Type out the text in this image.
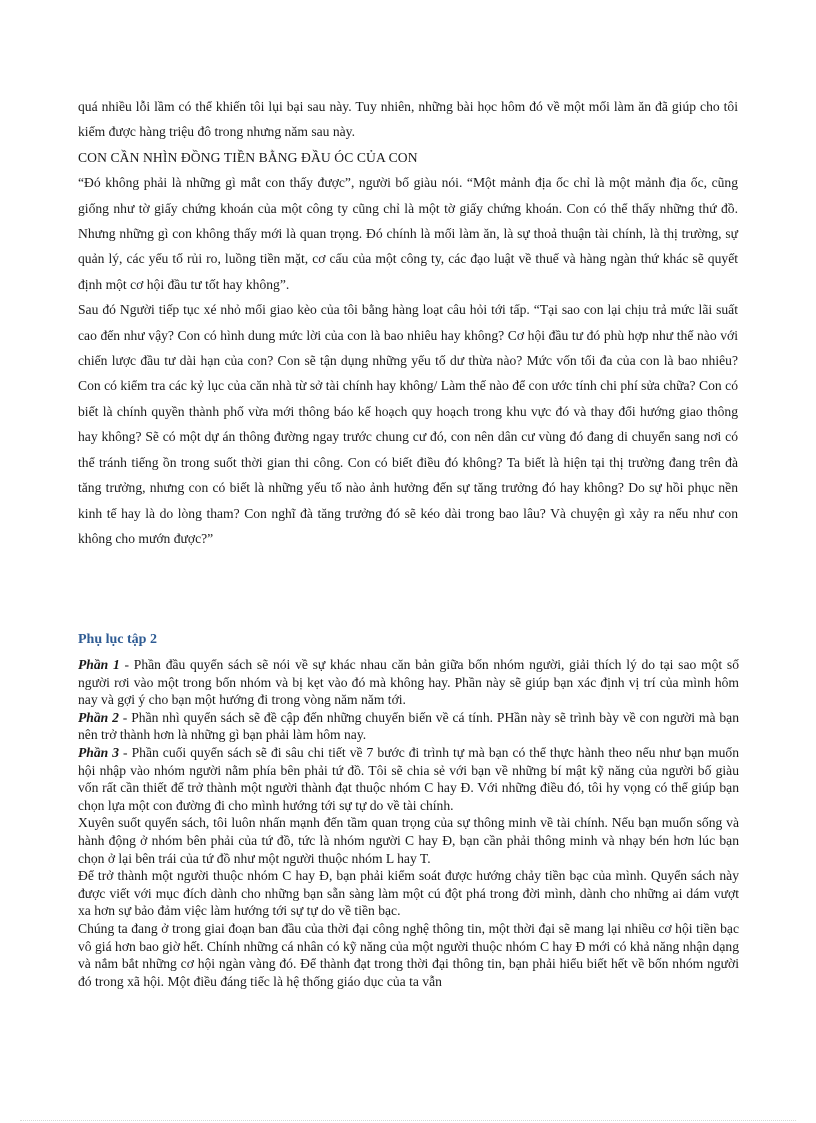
quá nhiều lỗi lầm có thể khiến tôi lụi bại sau này. Tuy nhiên, những bài học hôm đó về một mối làm ăn đã giúp cho tôi kiếm được hàng triệu đô trong nhưng năm sau này.

CON CẦN NHÌN ĐỒNG TIỀN BẰNG ĐẦU ÓC CỦA CON

“Đó không phải là những gì mắt con thấy được”, người bố giàu nói. “Một mảnh địa ốc chỉ là một mảnh địa ốc, cũng giống như tờ giấy chứng khoán của một công ty cũng chỉ là một tờ giấy chứng khoán. Con có thể thấy những thứ đồ. Nhưng những gì con không thấy mới là quan trọng. Đó chính là mối làm ăn, là sự thoả thuận tài chính, là thị trường, sự quản lý, các yếu tố rủi ro, luồng tiền mặt, cơ cấu của một công ty, các đạo luật về thuế và hàng ngàn thứ khác sẽ quyết định một cơ hội đầu tư tốt hay không”.

Sau đó Người tiếp tục xé nhỏ mối giao kèo của tôi bằng hàng loạt câu hỏi tới tấp. “Tại sao con lại chịu trả mức lãi suất cao đến như vậy? Con có hình dung mức lời của con là bao nhiêu hay không? Cơ hội đầu tư đó phù hợp như thế nào với chiến lược đầu tư dài hạn của con? Con sẽ tận dụng những yếu tố dư thừa nào? Mức vốn tối đa của con là bao nhiêu? Con có kiểm tra các kỷ lục của căn nhà từ sở tài chính hay không/ Làm thế nào để con ước tính chi phí sửa chữa? Con có biết là chính quyền thành phố vừa mới thông báo kế hoạch quy hoạch trong khu vực đó và thay đổi hướng giao thông hay không? Sẽ có một dự án thông đường ngay trước chung cư đó, con nên dân cư vùng đó đang di chuyển sang nơi có thể tránh tiếng ồn trong suốt thời gian thi công. Con có biết điều đó không? Ta biết là hiện tại thị trường đang trên đà tăng trưởng, nhưng con có biết là những yếu tố nào ảnh hưởng đến sự tăng trưởng đó hay không? Do sự hồi phục nền kinh tế hay là do lòng tham? Con nghĩ đà tăng trưởng đó sẽ kéo dài trong bao lâu? Và chuyện gì xảy ra nếu như con không cho mướn được?”

Phụ lục tập 2

Phần 1 - Phần đầu quyển sách sẽ nói về sự khác nhau căn bản giữa bốn nhóm người, giải thích lý do tại sao một số người rơi vào một trong bốn nhóm và bị kẹt vào đó mà không hay. Phần này sẽ giúp bạn xác định vị trí của mình hôm nay và gợi ý cho bạn một hướng đi trong vòng năm năm tới.

Phần 2 - Phần nhì quyển sách sẽ đề cập đến những chuyển biến về cá tính. PHần này sẽ trình bày về con người mà bạn nên trở thành hơn là những gì bạn phải làm hôm nay.

Phần 3 - Phần cuối quyển sách sẽ đi sâu chi tiết về 7 bước đi trình tự mà bạn có thể thực hành theo nếu như bạn muốn hội nhập vào nhóm người nằm phía bên phải tứ đồ. Tôi sẽ chia sẻ với bạn về những bí mật kỹ năng của người bố giàu vốn rất cần thiết để trở thành một người thành đạt thuộc nhóm C hay Đ. Với những điều đó, tôi hy vọng có thể giúp bạn chọn lựa một con đường đi cho mình hướng tới sự tự do về tài chính.

Xuyên suốt quyển sách, tôi luôn nhấn mạnh đến tầm quan trọng của sự thông minh về tài chính. Nếu bạn muốn sống và hành động ở nhóm bên phải của tứ đồ, tức là nhóm người C hay Đ, bạn cần phải thông minh và nhạy bén hơn lúc bạn chọn ở lại bên trái của tứ đồ như một người thuộc nhóm L hay T.

Để trở thành một người thuộc nhóm C hay Đ, bạn phải kiểm soát được hướng chảy tiền bạc của mình. Quyển sách này được viết với mục đích dành cho những bạn sẵn sàng làm một cú đột phá trong đời mình, dành cho những ai dám vượt xa hơn sự bảo đảm việc làm hướng tới sự tự do về tiền bạc.

Chúng ta đang ở trong giai đoạn ban đầu của thời đại công nghệ thông tin, một thời đại sẽ mang lại nhiều cơ hội tiền bạc vô giá hơn bao giờ hết. Chính những cá nhân có kỹ năng của một người thuộc nhóm C hay Đ mới có khả năng nhận dạng và nắm bắt những cơ hội ngàn vàng đó. Để thành đạt trong thời đại thông tin, bạn phải hiểu biết hết về bốn nhóm người đó trong xã hội. Một điều đáng tiếc là hệ thống giáo dục của ta vẫn
